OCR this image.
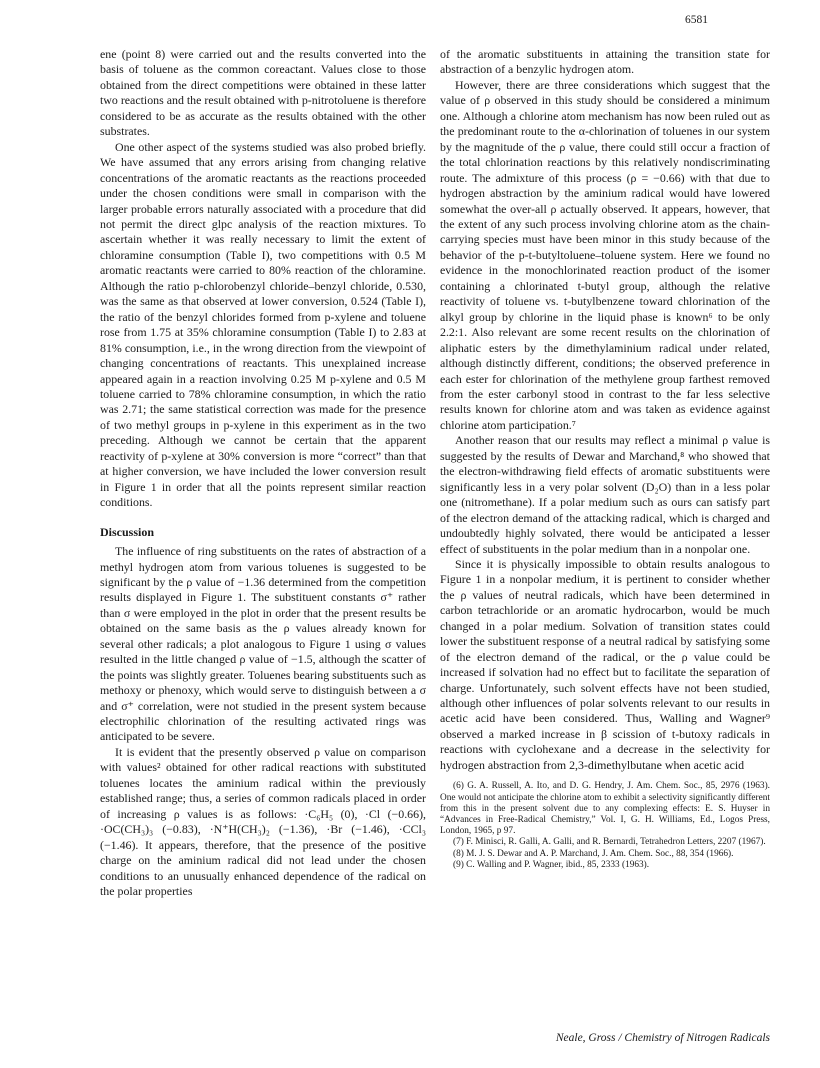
6581

ene (point 8) were carried out and the results converted into the basis of toluene as the common coreactant. Values close to those obtained from the direct competitions were obtained in these latter two reactions and the result obtained with p-nitrotoluene is therefore considered to be as accurate as the results obtained with the other substrates.

One other aspect of the systems studied was also probed briefly. We have assumed that any errors arising from changing relative concentrations of the aromatic reactants as the reactions proceeded under the chosen conditions were small in comparison with the larger probable errors naturally associated with a procedure that did not permit the direct glpc analysis of the reaction mixtures. To ascertain whether it was really necessary to limit the extent of chloramine consumption (Table I), two competitions with 0.5 M aromatic reactants were carried to 80% reaction of the chloramine. Although the ratio p-chlorobenzyl chloride–benzyl chloride, 0.530, was the same as that observed at lower conversion, 0.524 (Table I), the ratio of the benzyl chlorides formed from p-xylene and toluene rose from 1.75 at 35% chloramine consumption (Table I) to 2.83 at 81% consumption, i.e., in the wrong direction from the viewpoint of changing concentrations of reactants. This unexplained increase appeared again in a reaction involving 0.25 M p-xylene and 0.5 M toluene carried to 78% chloramine consumption, in which the ratio was 2.71; the same statistical correction was made for the presence of two methyl groups in p-xylene in this experiment as in the two preceding. Although we cannot be certain that the apparent reactivity of p-xylene at 30% conversion is more “correct” than that at higher conversion, we have included the lower conversion result in Figure 1 in order that all the points represent similar reaction conditions.

Discussion

The influence of ring substituents on the rates of abstraction of a methyl hydrogen atom from various toluenes is suggested to be significant by the ρ value of −1.36 determined from the competition results displayed in Figure 1. The substituent constants σ⁺ rather than σ were employed in the plot in order that the present results be obtained on the same basis as the ρ values already known for several other radicals; a plot analogous to Figure 1 using σ values resulted in the little changed ρ value of −1.5, although the scatter of the points was slightly greater. Toluenes bearing substituents such as methoxy or phenoxy, which would serve to distinguish between a σ and σ⁺ correlation, were not studied in the present system because electrophilic chlorination of the resulting activated rings was anticipated to be severe.

It is evident that the presently observed ρ value on comparison with values² obtained for other radical reactions with substituted toluenes locates the aminium radical within the previously established range; thus, a series of common radicals placed in order of increasing ρ values is as follows: ·C₆H₅ (0), ·Cl (−0.66), ·OC(CH₃)₃ (−0.83), ·N⁺H(CH₃)₂ (−1.36), ·Br (−1.46), ·CCl₃ (−1.46). It appears, therefore, that the presence of the positive charge on the aminium radical did not lead under the chosen conditions to an unusually enhanced dependence of the radical on the polar properties

of the aromatic substituents in attaining the transition state for abstraction of a benzylic hydrogen atom.

However, there are three considerations which suggest that the value of ρ observed in this study should be considered a minimum one. Although a chlorine atom mechanism has now been ruled out as the predominant route to the α-chlorination of toluenes in our system by the magnitude of the ρ value, there could still occur a fraction of the total chlorination reactions by this relatively nondiscriminating route. The admixture of this process (ρ = −0.66) with that due to hydrogen abstraction by the aminium radical would have lowered somewhat the over-all ρ actually observed. It appears, however, that the extent of any such process involving chlorine atom as the chain-carrying species must have been minor in this study because of the behavior of the p-t-butyltoluene–toluene system. Here we found no evidence in the monochlorinated reaction product of the isomer containing a chlorinated t-butyl group, although the relative reactivity of toluene vs. t-butylbenzene toward chlorination of the alkyl group by chlorine in the liquid phase is known⁶ to be only 2.2:1. Also relevant are some recent results on the chlorination of aliphatic esters by the dimethylaminium radical under related, although distinctly different, conditions; the observed preference in each ester for chlorination of the methylene group farthest removed from the ester carbonyl stood in contrast to the far less selective results known for chlorine atom and was taken as evidence against chlorine atom participation.⁷

Another reason that our results may reflect a minimal ρ value is suggested by the results of Dewar and Marchand,⁸ who showed that the electron-withdrawing field effects of aromatic substituents were significantly less in a very polar solvent (D₂O) than in a less polar one (nitromethane). If a polar medium such as ours can satisfy part of the electron demand of the attacking radical, which is charged and undoubtedly highly solvated, there would be anticipated a lesser effect of substituents in the polar medium than in a nonpolar one.

Since it is physically impossible to obtain results analogous to Figure 1 in a nonpolar medium, it is pertinent to consider whether the ρ values of neutral radicals, which have been determined in carbon tetrachloride or an aromatic hydrocarbon, would be much changed in a polar medium. Solvation of transition states could lower the substituent response of a neutral radical by satisfying some of the electron demand of the radical, or the ρ value could be increased if solvation had no effect but to facilitate the separation of charge. Unfortunately, such solvent effects have not been studied, although other influences of polar solvents relevant to our results in acetic acid have been considered. Thus, Walling and Wagner⁹ observed a marked increase in β scission of t-butoxy radicals in reactions with cyclohexane and a decrease in the selectivity for hydrogen abstraction from 2,3-dimethylbutane when acetic acid

(6) G. A. Russell, A. Ito, and D. G. Hendry, J. Am. Chem. Soc., 85, 2976 (1963). One would not anticipate the chlorine atom to exhibit a selectivity significantly different from this in the present solvent due to any complexing effects: E. S. Huyser in “Advances in Free-Radical Chemistry,” Vol. I, G. H. Williams, Ed., Logos Press, London, 1965, p 97.

(7) F. Minisci, R. Galli, A. Galli, and R. Bernardi, Tetrahedron Letters, 2207 (1967).

(8) M. J. S. Dewar and A. P. Marchand, J. Am. Chem. Soc., 88, 354 (1966).

(9) C. Walling and P. Wagner, ibid., 85, 2333 (1963).

Neale, Gross / Chemistry of Nitrogen Radicals
